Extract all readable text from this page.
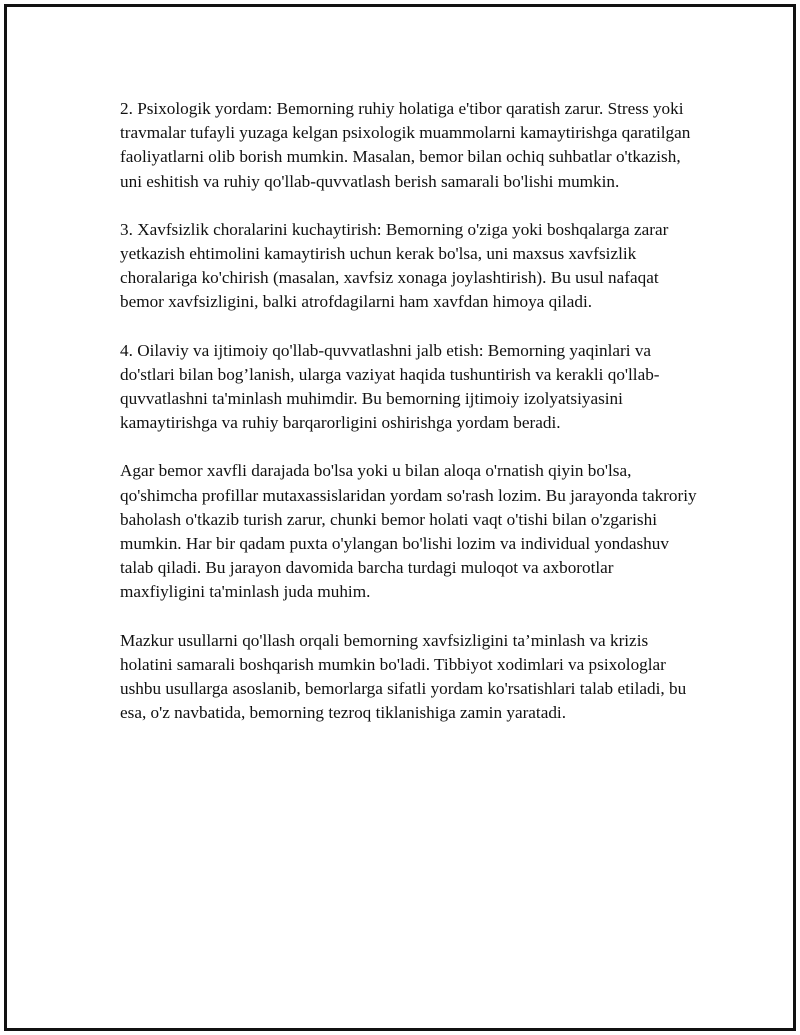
2. Psixologik yordam: Bemorning ruhiy holatiga e'tibor qaratish zarur. Stress yoki travmalar tufayli yuzaga kelgan psixologik muammolarni kamaytirishga qaratilgan faoliyatlarni olib borish mumkin. Masalan, bemor bilan ochiq suhbatlar o'tkazish, uni eshitish va ruhiy qo'llab-quvvatlash berish samarali bo'lishi mumkin.

3. Xavfsizlik choralarini kuchaytirish: Bemorning o'ziga yoki boshqalarga zarar yetkazish ehtimolini kamaytirish uchun kerak bo'lsa, uni maxsus xavfsizlik choralariga ko'chirish (masalan, xavfsiz xonaga joylashtirish). Bu usul nafaqat bemor xavfsizligini, balki atrofdagilarni ham xavfdan himoya qiladi.

4. Oilaviy va ijtimoiy qo'llab-quvvatlashni jalb etish: Bemorning yaqinlari va do'stlari bilan bog’lanish, ularga vaziyat haqida tushuntirish va kerakli qo'llab-quvvatlashni ta'minlash muhimdir. Bu bemorning ijtimoiy izolyatsiyasini kamaytirishga va ruhiy barqarorligini oshirishga yordam beradi.

Agar bemor xavfli darajada bo'lsa yoki u bilan aloqa o'rnatish qiyin bo'lsa, qo'shimcha profillar mutaxassislaridan yordam so'rash lozim. Bu jarayonda takroriy baholash o'tkazib turish zarur, chunki bemor holati vaqt o'tishi bilan o'zgarishi mumkin. Har bir qadam puxta o'ylangan bo'lishi lozim va individual yondashuv talab qiladi. Bu jarayon davomida barcha turdagi muloqot va axborotlar maxfiyligini ta'minlash juda muhim.

Mazkur usullarni qo'llash orqali bemorning xavfsizligini ta’minlash va krizis holatini samarali boshqarish mumkin bo'ladi. Tibbiyot xodimlari va psixologlar ushbu usullarga asoslanib, bemorlarga sifatli yordam ko'rsatishlari talab etiladi, bu esa, o'z navbatida, bemorning tezroq tiklanishiga zamin yaratadi.
